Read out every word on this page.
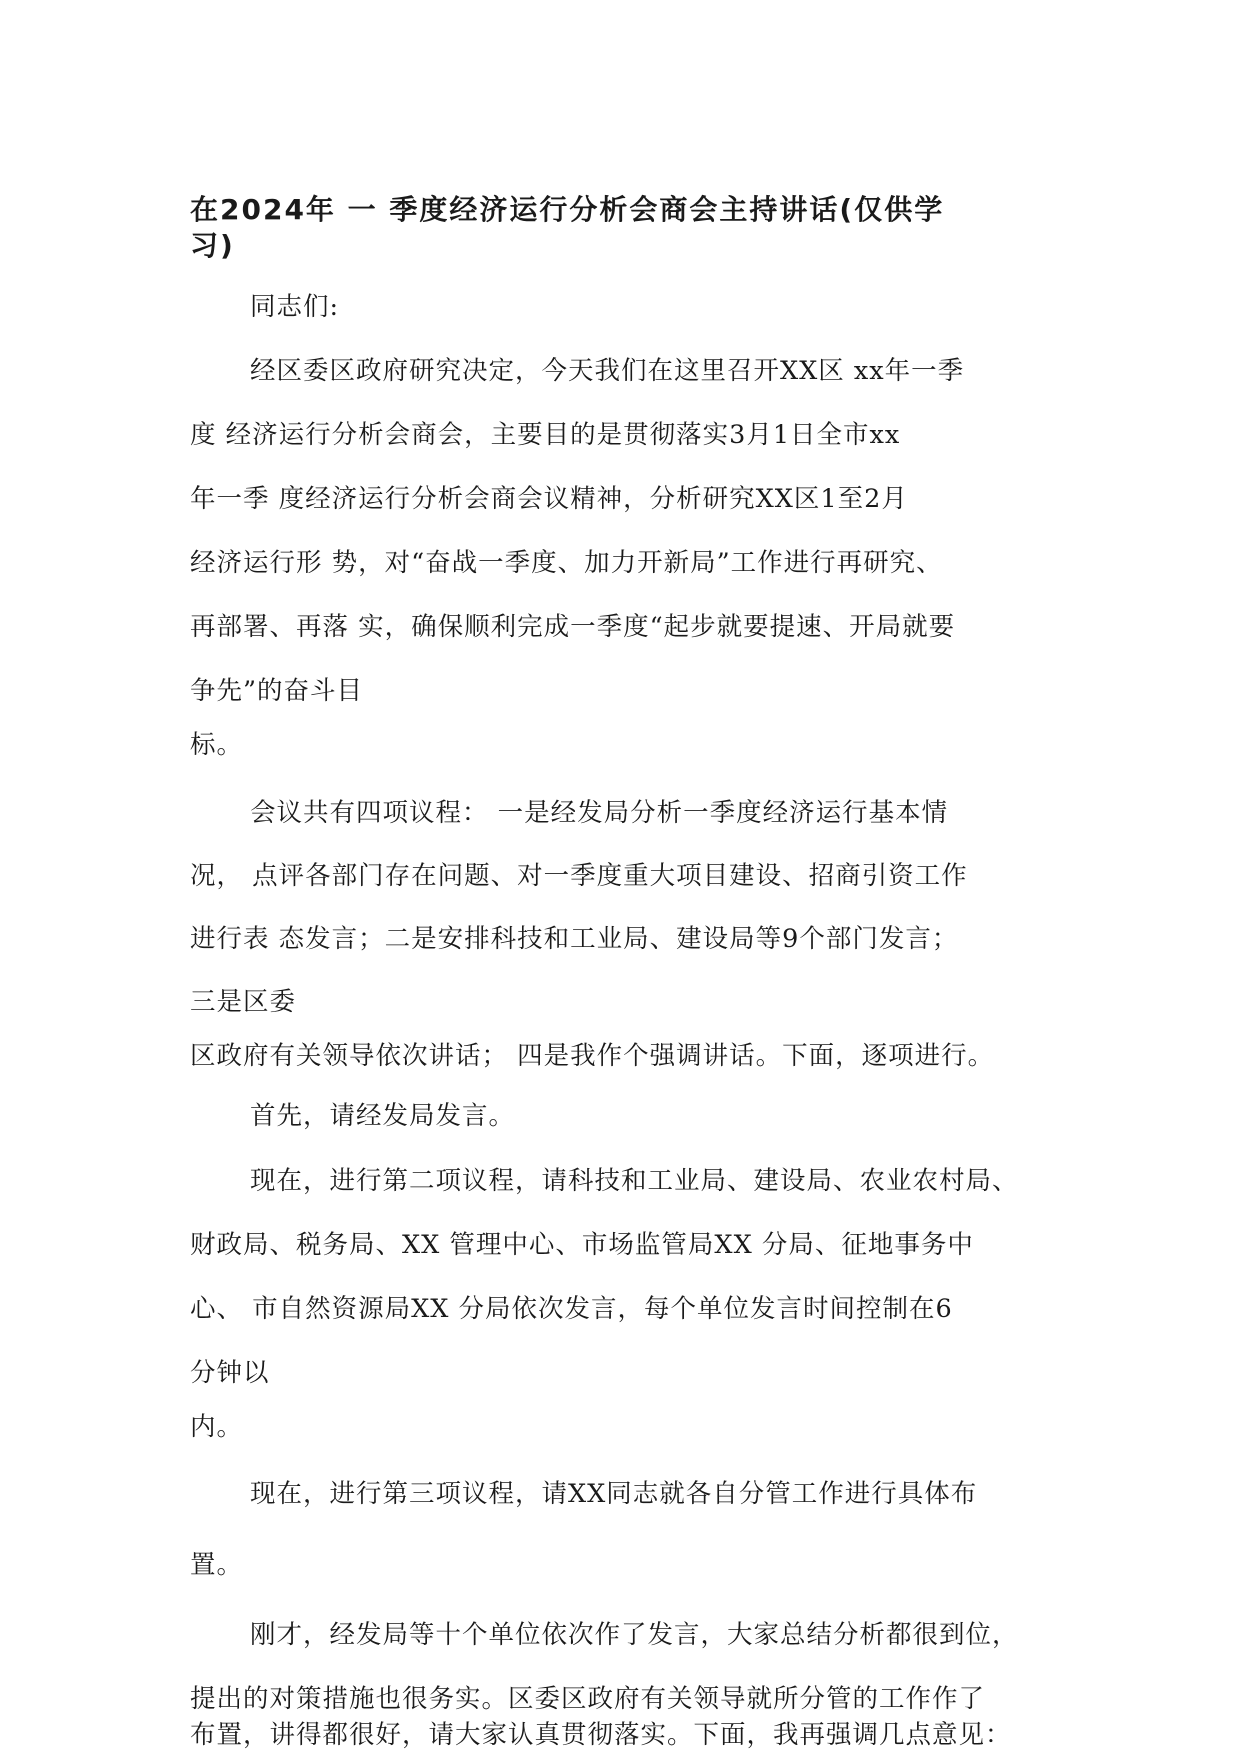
在2024年 一 季度经济运行分析会商会主持讲话(仅供学
习)
同志们:
经区委区政府研究决定，今天我们在这里召开XX区 xx年一季
度 经济运行分析会商会，主要目的是贯彻落实3月1日全市xx
年一季 度经济运行分析会商会议精神，分析研究XX区1至2月
经济运行形 势，对“奋战一季度、加力开新局”工作进行再研究、
再部署、再落 实，确保顺利完成一季度“起步就要提速、开局就要
争先”的奋斗目
标。
会议共有四项议程： 一是经发局分析一季度经济运行基本情
况， 点评各部门存在问题、对一季度重大项目建设、招商引资工作
进行表 态发言；二是安排科技和工业局、建设局等9个部门发言；
三是区委
区政府有关领导依次讲话； 四是我作个强调讲话。下面，逐项进行。
首先，请经发局发言。
现在，进行第二项议程，请科技和工业局、建设局、农业农村局、
财政局、税务局、XX 管理中心、市场监管局XX 分局、征地事务中
心、 市自然资源局XX 分局依次发言，每个单位发言时间控制在6
分钟以
内。
现在，进行第三项议程，请XX同志就各自分管工作进行具体布
置。
刚才，经发局等十个单位依次作了发言，大家总结分析都很到位，
提出的对策措施也很务实。区委区政府有关领导就所分管的工作作了
布置，讲得都很好，请大家认真贯彻落实。下面，我再强调几点意见：
